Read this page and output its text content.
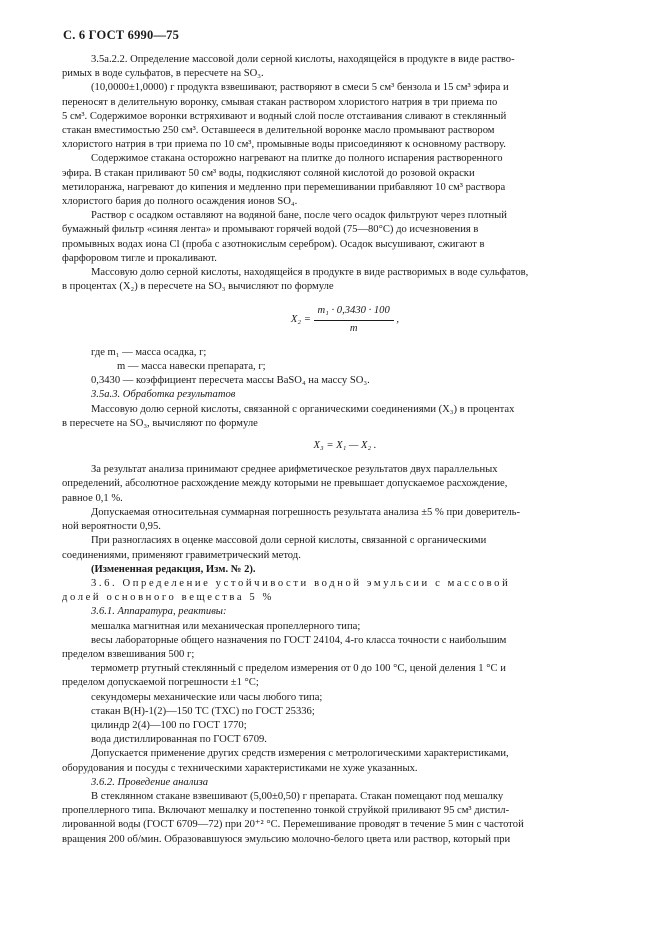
С. 6 ГОСТ 6990—75
3.5а.2.2. Определение массовой доли серной кислоты, находящейся в продукте в виде раство-
римых в воде сульфатов, в пересчете на SO₃.
(10,0000±1,0000) г продукта взвешивают, растворяют в смеси 5 см³ бензола и 15 см³ эфира и
переносят в делительную воронку, смывая стакан раствором хлористого натрия в три приема по
5 см³. Содержимое воронки встряхивают и водный слой после отстаивания сливают в стеклянный
стакан вместимостью 250 см³. Оставшееся в делительной воронке масло промывают раствором
хлористого натрия в три приема по 10 см³, промывные воды присоединяют к основному раствору.
Содержимое стакана осторожно нагревают на плитке до полного испарения растворенного
эфира. В стакан приливают 50 см³ воды, подкисляют соляной кислотой до розовой окраски
метилоранжа, нагревают до кипения и медленно при перемешивании прибавляют 10 см³ раствора
хлористого бария до полного осаждения ионов SO₄.
Раствор с осадком оставляют на водяной бане, после чего осадок фильтруют через плотный
бумажный фильтр «синяя лента» и промывают горячей водой (75—80°С) до исчезновения в
промывных водах иона Cl (проба с азотнокислым серебром). Осадок высушивают, сжигают в
фарфоровом тигле и прокаливают.
Массовую долю серной кислоты, находящейся в продукте в виде растворимых в воде сульфатов,
в процентах (X₂) в пересчете на SO₃ вычисляют по формуле
$X_2 = \frac{\text{m₁ · 0,3430 · 100}}{m}$ ,
где m₁ — масса осадка, г;
m — масса навески препарата, г;
0,3430 — коэффициент пересчета массы BaSO₄ на массу SO₃.
3.5а.3. Обработка результатов
Массовую долю серной кислоты, связанной с органическими соединениями (X₃) в процентах
в пересчете на SO₃, вычисляют по формуле
X₃ = X₁ — X₂ .
За результат анализа принимают среднее арифметическое результатов двух параллельных
определений, абсолютное расхождение между которыми не превышает допускаемое расхождение,
равное 0,1 %.
Допускаемая относительная суммарная погрешность результата анализа ±5 % при доверитель-
ной вероятности 0,95.
При разногласиях в оценке массовой доли серной кислоты, связанной с органическими
соединениями, применяют гравиметрический метод.
(Измененная редакция, Изм. № 2).
3.6. Определение устойчивости водной эмульсии с массовой
долей основного вещества 5 %
3.6.1. Аппаратура, реактивы:
мешалка магнитная или механическая пропеллерного типа;
весы лабораторные общего назначения по ГОСТ 24104, 4-го класса точности с наибольшим
пределом взвешивания 500 г;
термометр ртутный стеклянный с пределом измерения от 0 до 100 °С, ценой деления 1 °С и
пределом допускаемой погрешности ±1 °С;
секундомеры механические или часы любого типа;
стакан В(Н)-1(2)—150 ТС (ТХС) по ГОСТ 25336;
цилиндр 2(4)—100 по ГОСТ 1770;
вода дистиллированная по ГОСТ 6709.
Допускается применение других средств измерения с метрологическими характеристиками,
оборудования и посуды с техническими характеристиками не хуже указанных.
3.6.2. Проведение анализа
В стеклянном стакане взвешивают (5,00±0,50) г препарата. Стакан помещают под мешалку
пропеллерного типа. Включают мешалку и постепенно тонкой струйкой приливают 95 см³ дистил-
лированной воды (ГОСТ 6709—72) при 20⁺² °С. Перемешивание проводят в течение 5 мин с частотой
вращения 200 об/мин. Образовавшуюся эмульсию молочно-белого цвета или раствор, который при
